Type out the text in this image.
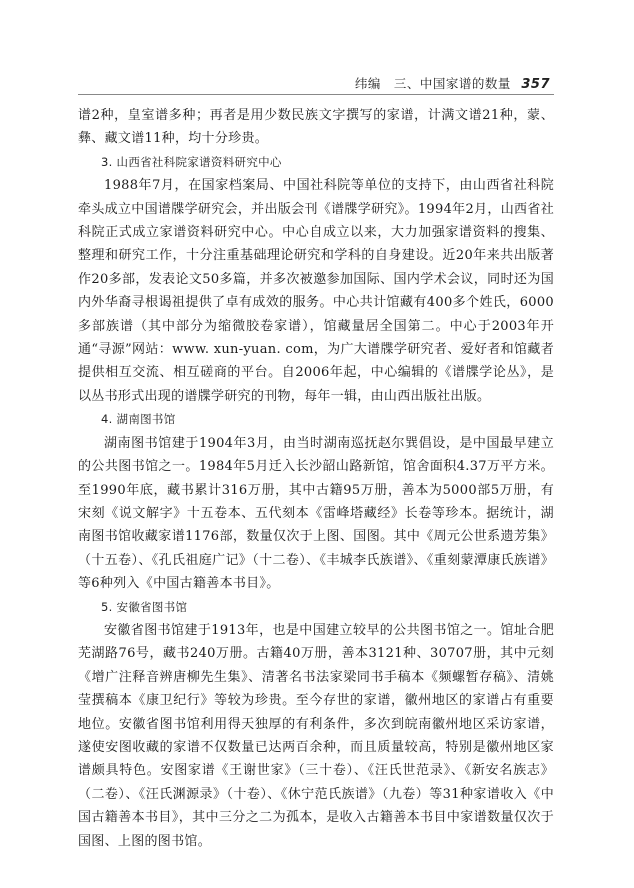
纬编　三、中国家谱的数量 357

谱2种，皇室谱多种；再者是用少数民族文字撰写的家谱，计满文谱21种，蒙、彝、藏文谱11种，均十分珍贵。

3. 山西省社科院家谱资料研究中心

1988年7月，在国家档案局、中国社科院等单位的支持下，由山西省社科院牵头成立中国谱牒学研究会，并出版会刊《谱牒学研究》。1994年2月，山西省社科院正式成立家谱资料研究中心。中心自成立以来，大力加强家谱资料的搜集、整理和研究工作，十分注重基础理论研究和学科的自身建设。近20年来共出版著作20多部，发表论文50多篇，并多次被邀参加国际、国内学术会议，同时还为国内外华裔寻根谒祖提供了卓有成效的服务。中心共计馆藏有400多个姓氏，6000多部族谱（其中部分为缩微胶卷家谱），馆藏量居全国第二。中心于2003年开通“寻源”网站：www. xun-yuan. com，为广大谱牒学研究者、爱好者和馆藏者提供相互交流、相互磋商的平台。自2006年起，中心编辑的《谱牒学论丛》，是以丛书形式出现的谱牒学研究的刊物，每年一辑，由山西出版社出版。

4. 湖南图书馆

湖南图书馆建于1904年3月，由当时湖南巡抚赵尔巽倡设，是中国最早建立的公共图书馆之一。1984年5月迁入长沙韶山路新馆，馆舍面积4.37万平方米。至1990年底，藏书累计316万册，其中古籍95万册，善本为5000部5万册，有宋刻《说文解字》十五卷本、五代刻本《雷峰塔藏经》长卷等珍本。据统计，湖南图书馆收藏家谱1176部，数量仅次于上图、国图。其中《周元公世系遗芳集》（十五卷）、《孔氏祖庭广记》（十二卷）、《丰城李氏族谱》、《重刻蒙潭康氏族谱》等6种列入《中国古籍善本书目》。

5. 安徽省图书馆

安徽省图书馆建于1913年，也是中国建立较早的公共图书馆之一。馆址合肥芜湖路76号，藏书240万册。古籍40万册，善本3121种、30707册，其中元刻《增广注释音辨唐柳先生集》、清著名书法家梁同书手稿本《频螺暂存稿》、清姚莹撰稿本《康卫纪行》等较为珍贵。至今存世的家谱，徽州地区的家谱占有重要地位。安徽省图书馆利用得天独厚的有利条件，多次到皖南徽州地区采访家谱，遂使安图收藏的家谱不仅数量已达两百余种，而且质量较高，特别是徽州地区家谱颇具特色。安图家谱《王谢世家》（三十卷）、《汪氏世范录》、《新安名族志》（二卷）、《汪氏渊源录》（十卷）、《休宁范氏族谱》（九卷）等31种家谱收入《中国古籍善本书目》，其中三分之二为孤本，是收入古籍善本书目中家谱数量仅次于国图、上图的图书馆。
